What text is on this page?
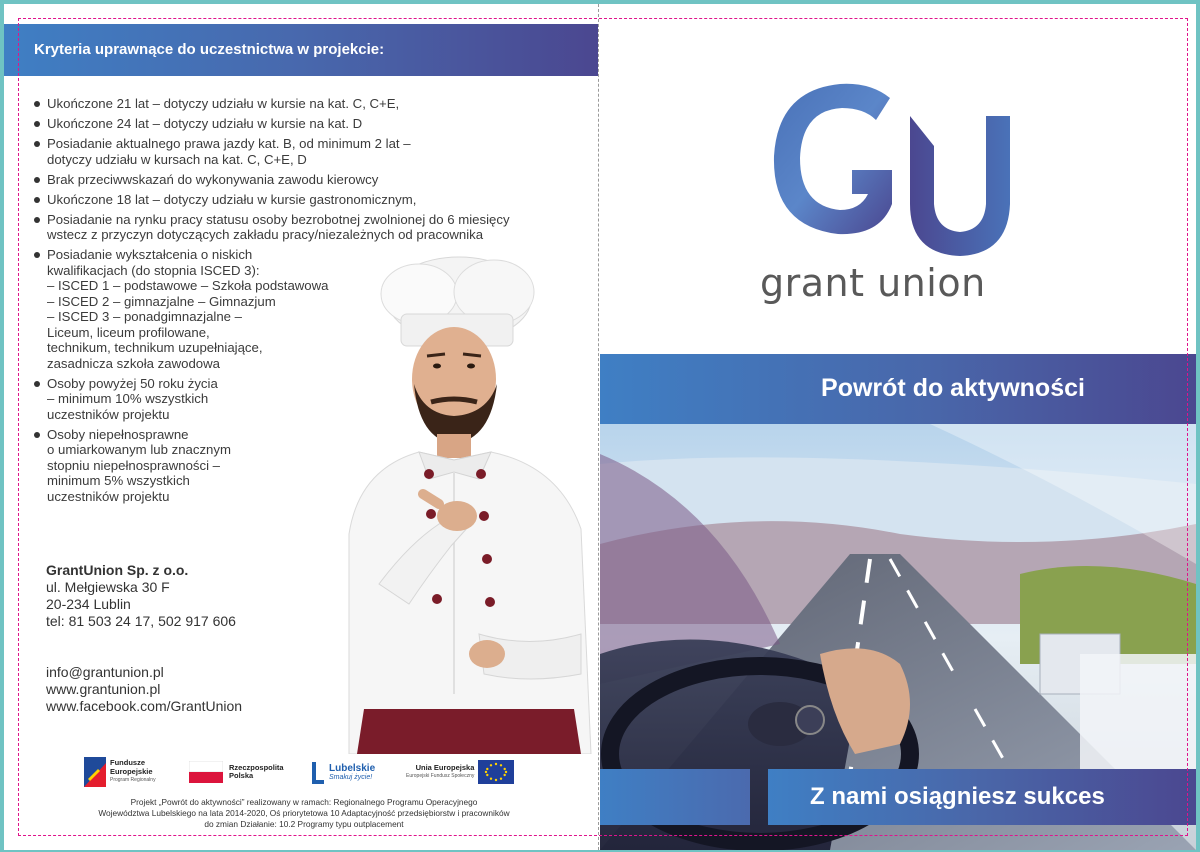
Kryteria uprawnące do uczestnictwa w projekcie:
Ukończone 21 lat – dotyczy udziału w kursie na kat. C, C+E,
Ukończone 24 lat – dotyczy udziału w kursie na kat. D
Posiadanie aktualnego prawa jazdy kat. B, od minimum 2 lat –
dotyczy udziału w kursach na kat. C, C+E, D
Brak przeciwwskazań do wykonywania zawodu kierowcy
Ukończone 18 lat – dotyczy udziału w kursie gastronomicznym,
Posiadanie na rynku pracy statusu osoby bezrobotnej zwolnionej do 6 miesięcy
wstecz z przyczyn dotyczących zakładu pracy/niezależnych od pracownika
Posiadanie wykształcenia o niskich
kwalifikacjach (do stopnia ISCED 3):
– ISCED 1 – podstawowe – Szkoła podstawowa
– ISCED 2 – gimnazjalne – Gimnazjum
– ISCED 3 – ponadgimnazjalne –
Liceum, liceum profilowane,
technikum, technikum uzupełniające,
zasadnicza szkoła zawodowa
Osoby powyżej 50 roku życia
– minimum 10% wszystkich
uczestników projektu
Osoby niepełnosprawne
o umiarkowanym lub znacznym
stopniu niepełnosprawności –
minimum 5% wszystkich
uczestników projektu
GrantUnion Sp. z o.o.
ul. Mełgiewska 30 F
20-234 Lublin
tel: 81 503 24 17, 502 917 606
info@grantunion.pl
www.grantunion.pl
www.facebook.com/GrantUnion
Fundusze
Europejskie
Program Regionalny
Rzeczpospolita
Polska
Lubelskie
Smakuj życie!
Unia Europejska
Europejski Fundusz Społeczny
Projekt „Powrót do aktywności” realizowany w ramach: Regionalnego Programu Operacyjnego
Województwa Lubelskiego na lata 2014-2020, Oś priorytetowa 10 Adaptacyjność przedsiębiorstw i pracowników
do zmian Działanie: 10.2 Programy typu outplacement
grant union
Powrót do aktywności
Z nami osiągniesz sukces
